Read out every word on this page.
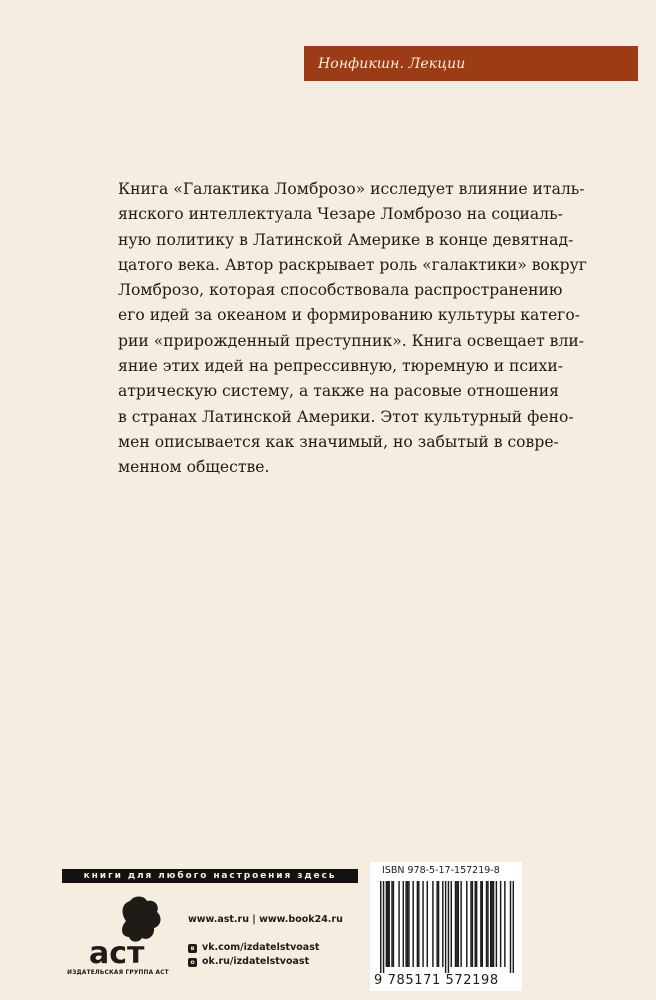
Нонфикшн. Лекции
Книга «Галактика Ломброзо» исследует влияние италь-
янского интеллектуала Чезаре Ломброзо на социаль-
ную политику в Латинской Америке в конце девятнад-
цатого века. Автор раскрывает роль «галактики» вокруг
Ломброзо, которая способствовала распространению
его идей за океаном и формированию культуры катего-
рии «прирожденный преступник». Книга освещает вли-
яние этих идей на репрессивную, тюремную и психи-
атрическую систему, а также на расовые отношения
в странах Латинской Америки. Этот культурный фено-
мен описывается как значимый, но забытый в совре-
менном обществе.
книги для любого настроения здесь
aст
ИЗДАТЕЛЬСКАЯ ГРУППА АСТ
www.ast.ru | www.book24.ru
в vk.com/izdatelstvoast
o ok.ru/izdatelstvoast
ISBN 978-5-17-157219-8
9 785171 572198
